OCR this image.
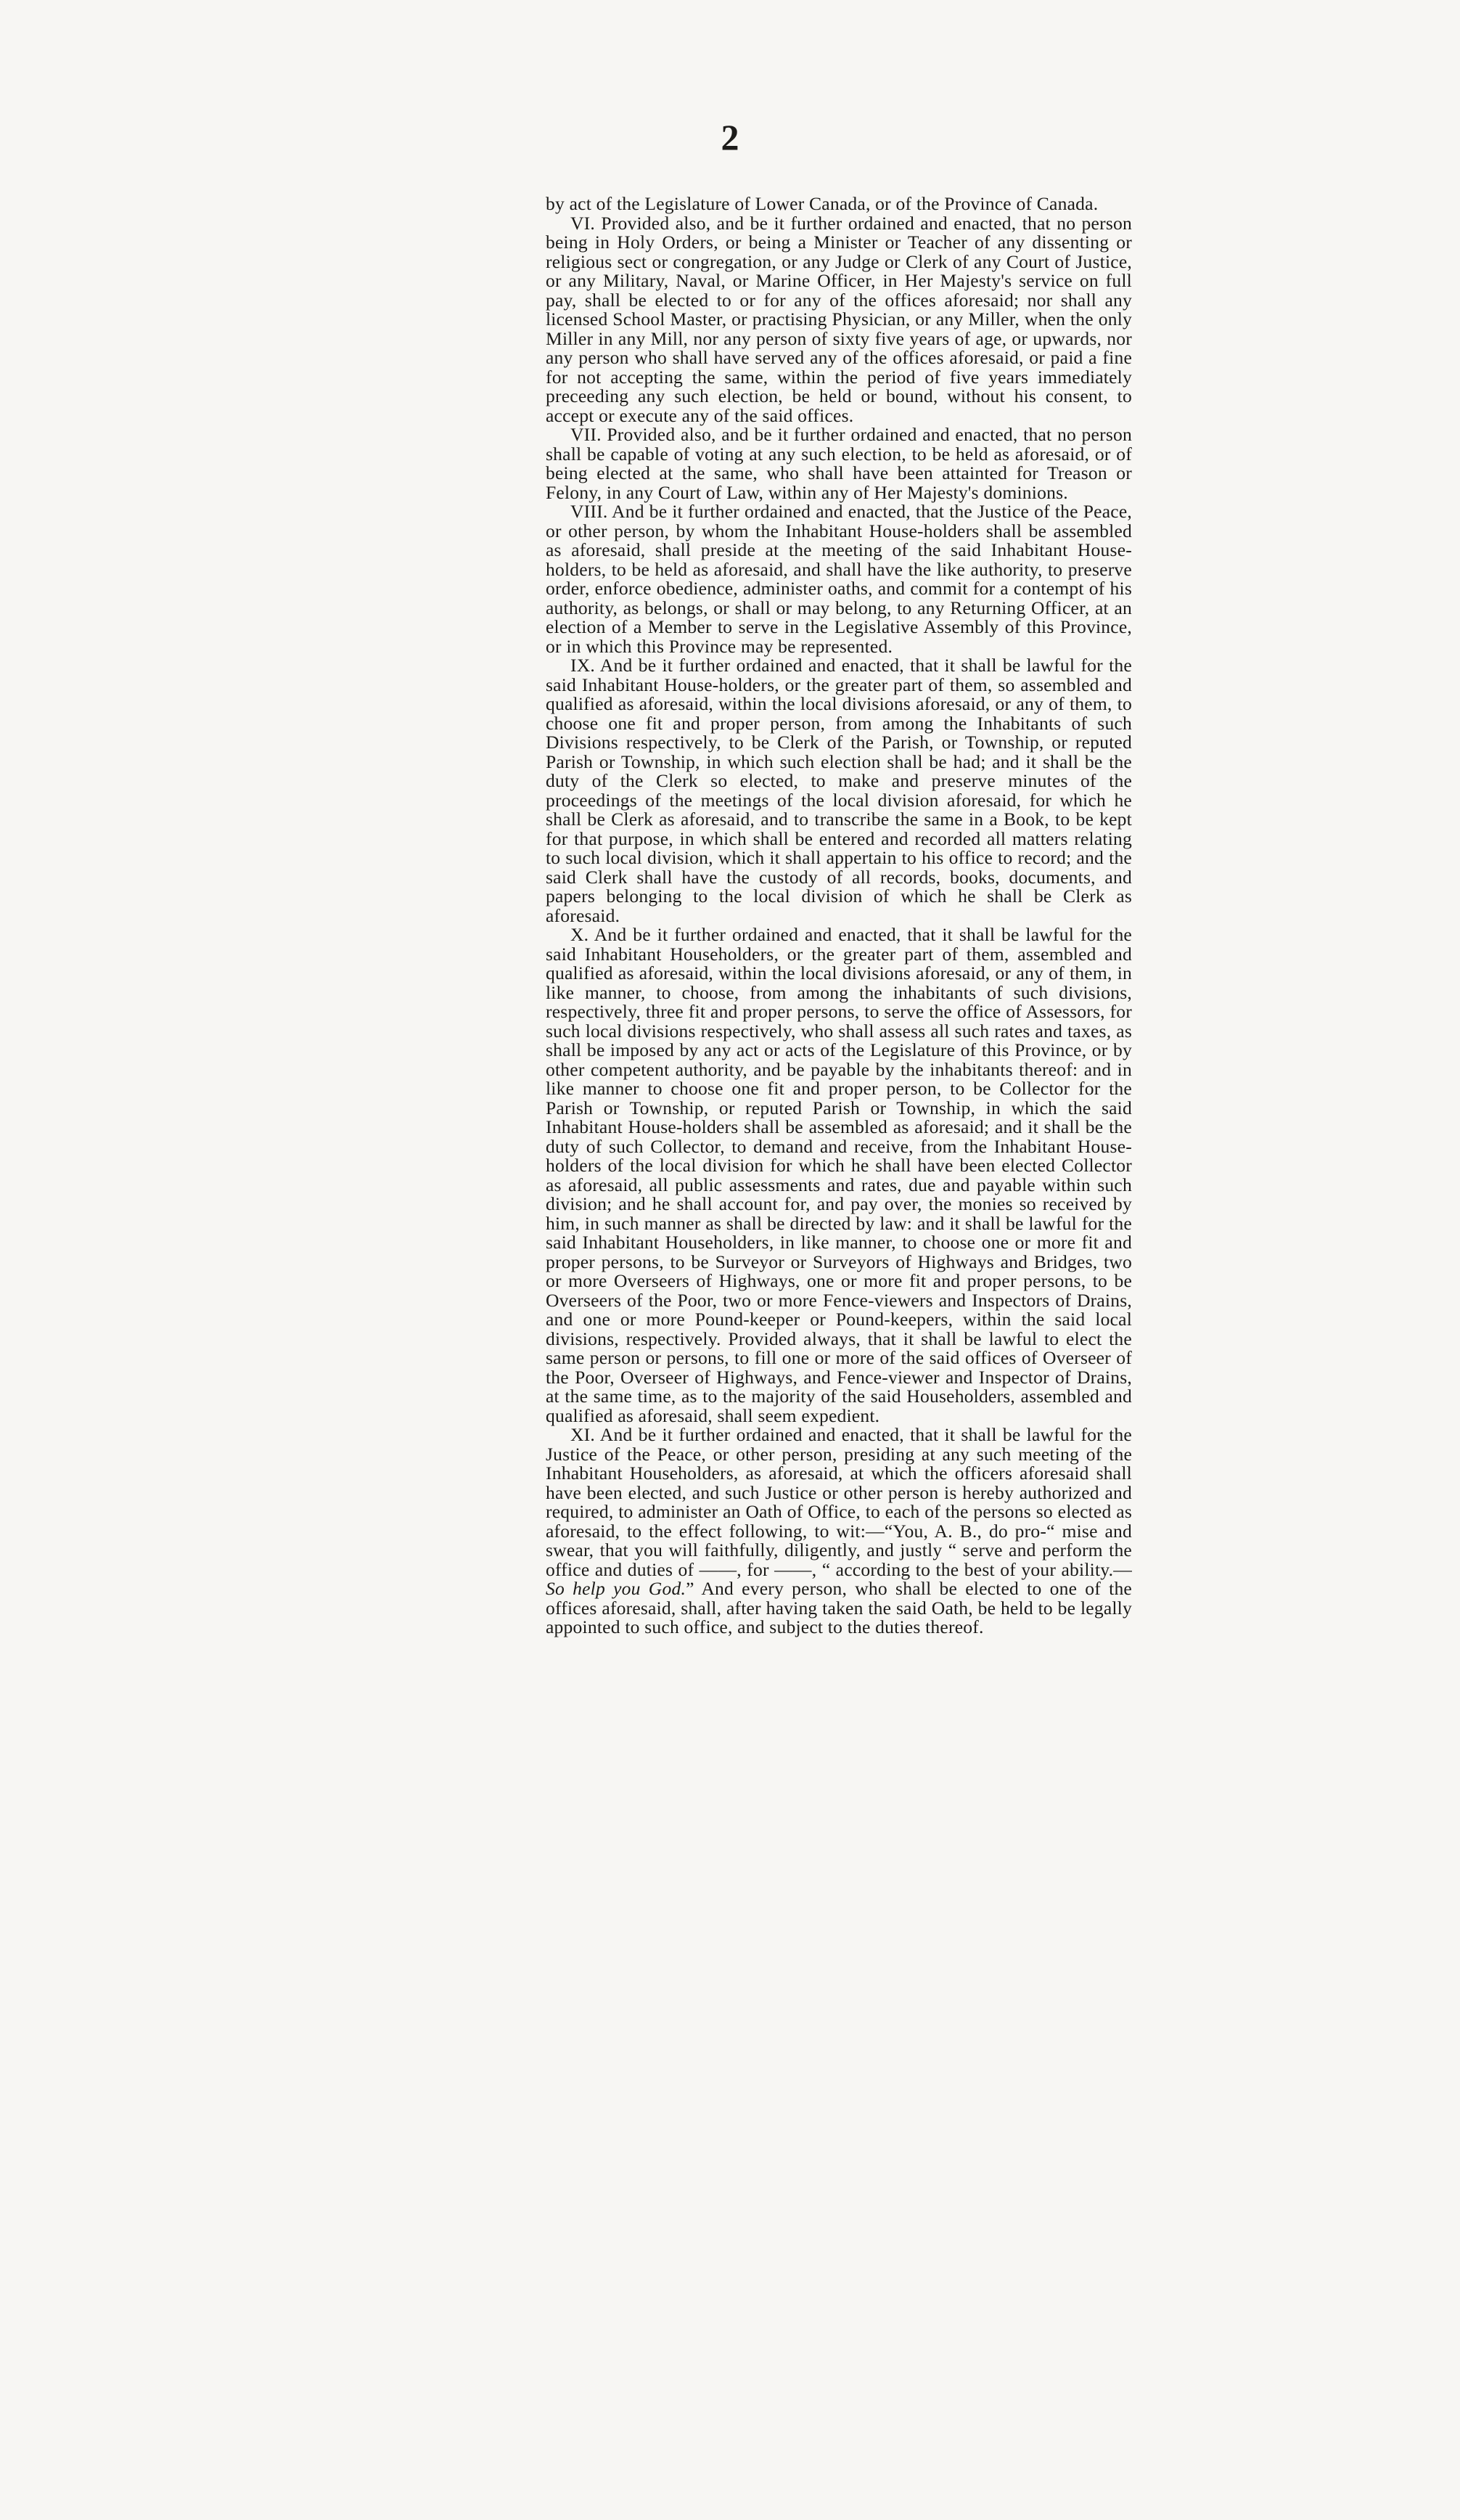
2

by act of the Legislature of Lower Canada, or of the Province of Canada.

VI. Provided also, and be it further ordained and enacted, that no person being in Holy Orders, or being a Minister or Teacher of any dissenting or religious sect or congregation, or any Judge or Clerk of any Court of Justice, or any Military, Naval, or Marine Officer, in Her Majesty's service on full pay, shall be elected to or for any of the offices aforesaid; nor shall any licensed School Master, or practising Physician, or any Miller, when the only Miller in any Mill, nor any person of sixty five years of age, or upwards, nor any person who shall have served any of the offices aforesaid, or paid a fine for not accepting the same, within the period of five years immediately preceeding any such election, be held or bound, without his consent, to accept or execute any of the said offices.

VII. Provided also, and be it further ordained and enacted, that no person shall be capable of voting at any such election, to be held as aforesaid, or of being elected at the same, who shall have been attainted for Treason or Felony, in any Court of Law, within any of Her Majesty's dominions.

VIII. And be it further ordained and enacted, that the Justice of the Peace, or other person, by whom the Inhabitant House-holders shall be assembled as aforesaid, shall preside at the meeting of the said Inhabitant House-holders, to be held as aforesaid, and shall have the like authority, to preserve order, enforce obedience, administer oaths, and commit for a contempt of his authority, as belongs, or shall or may belong, to any Returning Officer, at an election of a Member to serve in the Legislative Assembly of this Province, or in which this Province may be represented.

IX. And be it further ordained and enacted, that it shall be lawful for the said Inhabitant House-holders, or the greater part of them, so assembled and qualified as aforesaid, within the local divisions aforesaid, or any of them, to choose one fit and proper person, from among the Inhabitants of such Divisions respectively, to be Clerk of the Parish, or Township, or reputed Parish or Township, in which such election shall be had; and it shall be the duty of the Clerk so elected, to make and preserve minutes of the proceedings of the meetings of the local division aforesaid, for which he shall be Clerk as aforesaid, and to transcribe the same in a Book, to be kept for that purpose, in which shall be entered and recorded all matters relating to such local division, which it shall appertain to his office to record; and the said Clerk shall have the custody of all records, books, documents, and papers belonging to the local division of which he shall be Clerk as aforesaid.

X. And be it further ordained and enacted, that it shall be lawful for the said Inhabitant Householders, or the greater part of them, assembled and qualified as aforesaid, within the local divisions aforesaid, or any of them, in like manner, to choose, from among the inhabitants of such divisions, respectively, three fit and proper persons, to serve the office of Assessors, for such local divisions respectively, who shall assess all such rates and taxes, as shall be imposed by any act or acts of the Legislature of this Province, or by other competent authority, and be payable by the inhabitants thereof: and in like manner to choose one fit and proper person, to be Collector for the Parish or Township, or reputed Parish or Township, in which the said Inhabitant House-holders shall be assembled as aforesaid; and it shall be the duty of such Collector, to demand and receive, from the Inhabitant House-holders of the local division for which he shall have been elected Collector as aforesaid, all public assessments and rates, due and payable within such division; and he shall account for, and pay over, the monies so received by him, in such manner as shall be directed by law: and it shall be lawful for the said Inhabitant Householders, in like manner, to choose one or more fit and proper persons, to be Surveyor or Surveyors of Highways and Bridges, two or more Overseers of Highways, one or more fit and proper persons, to be Overseers of the Poor, two or more Fence-viewers and Inspectors of Drains, and one or more Pound-keeper or Pound-keepers, within the said local divisions, respectively. Provided always, that it shall be lawful to elect the same person or persons, to fill one or more of the said offices of Overseer of the Poor, Overseer of Highways, and Fence-viewer and Inspector of Drains, at the same time, as to the majority of the said Householders, assembled and qualified as aforesaid, shall seem expedient.

XI. And be it further ordained and enacted, that it shall be lawful for the Justice of the Peace, or other person, presiding at any such meeting of the Inhabitant Householders, as aforesaid, at which the officers aforesaid shall have been elected, and such Justice or other person is hereby authorized and required, to administer an Oath of Office, to each of the persons so elected as aforesaid, to the effect following, to wit:—“You, A. B., do pro-“ mise and swear, that you will faithfully, diligently, and justly “ serve and perform the office and duties of ——, for ——, “ according to the best of your ability.—So help you God.” And every person, who shall be elected to one of the offices aforesaid, shall, after having taken the said Oath, be held to be legally appointed to such office, and subject to the duties thereof.
